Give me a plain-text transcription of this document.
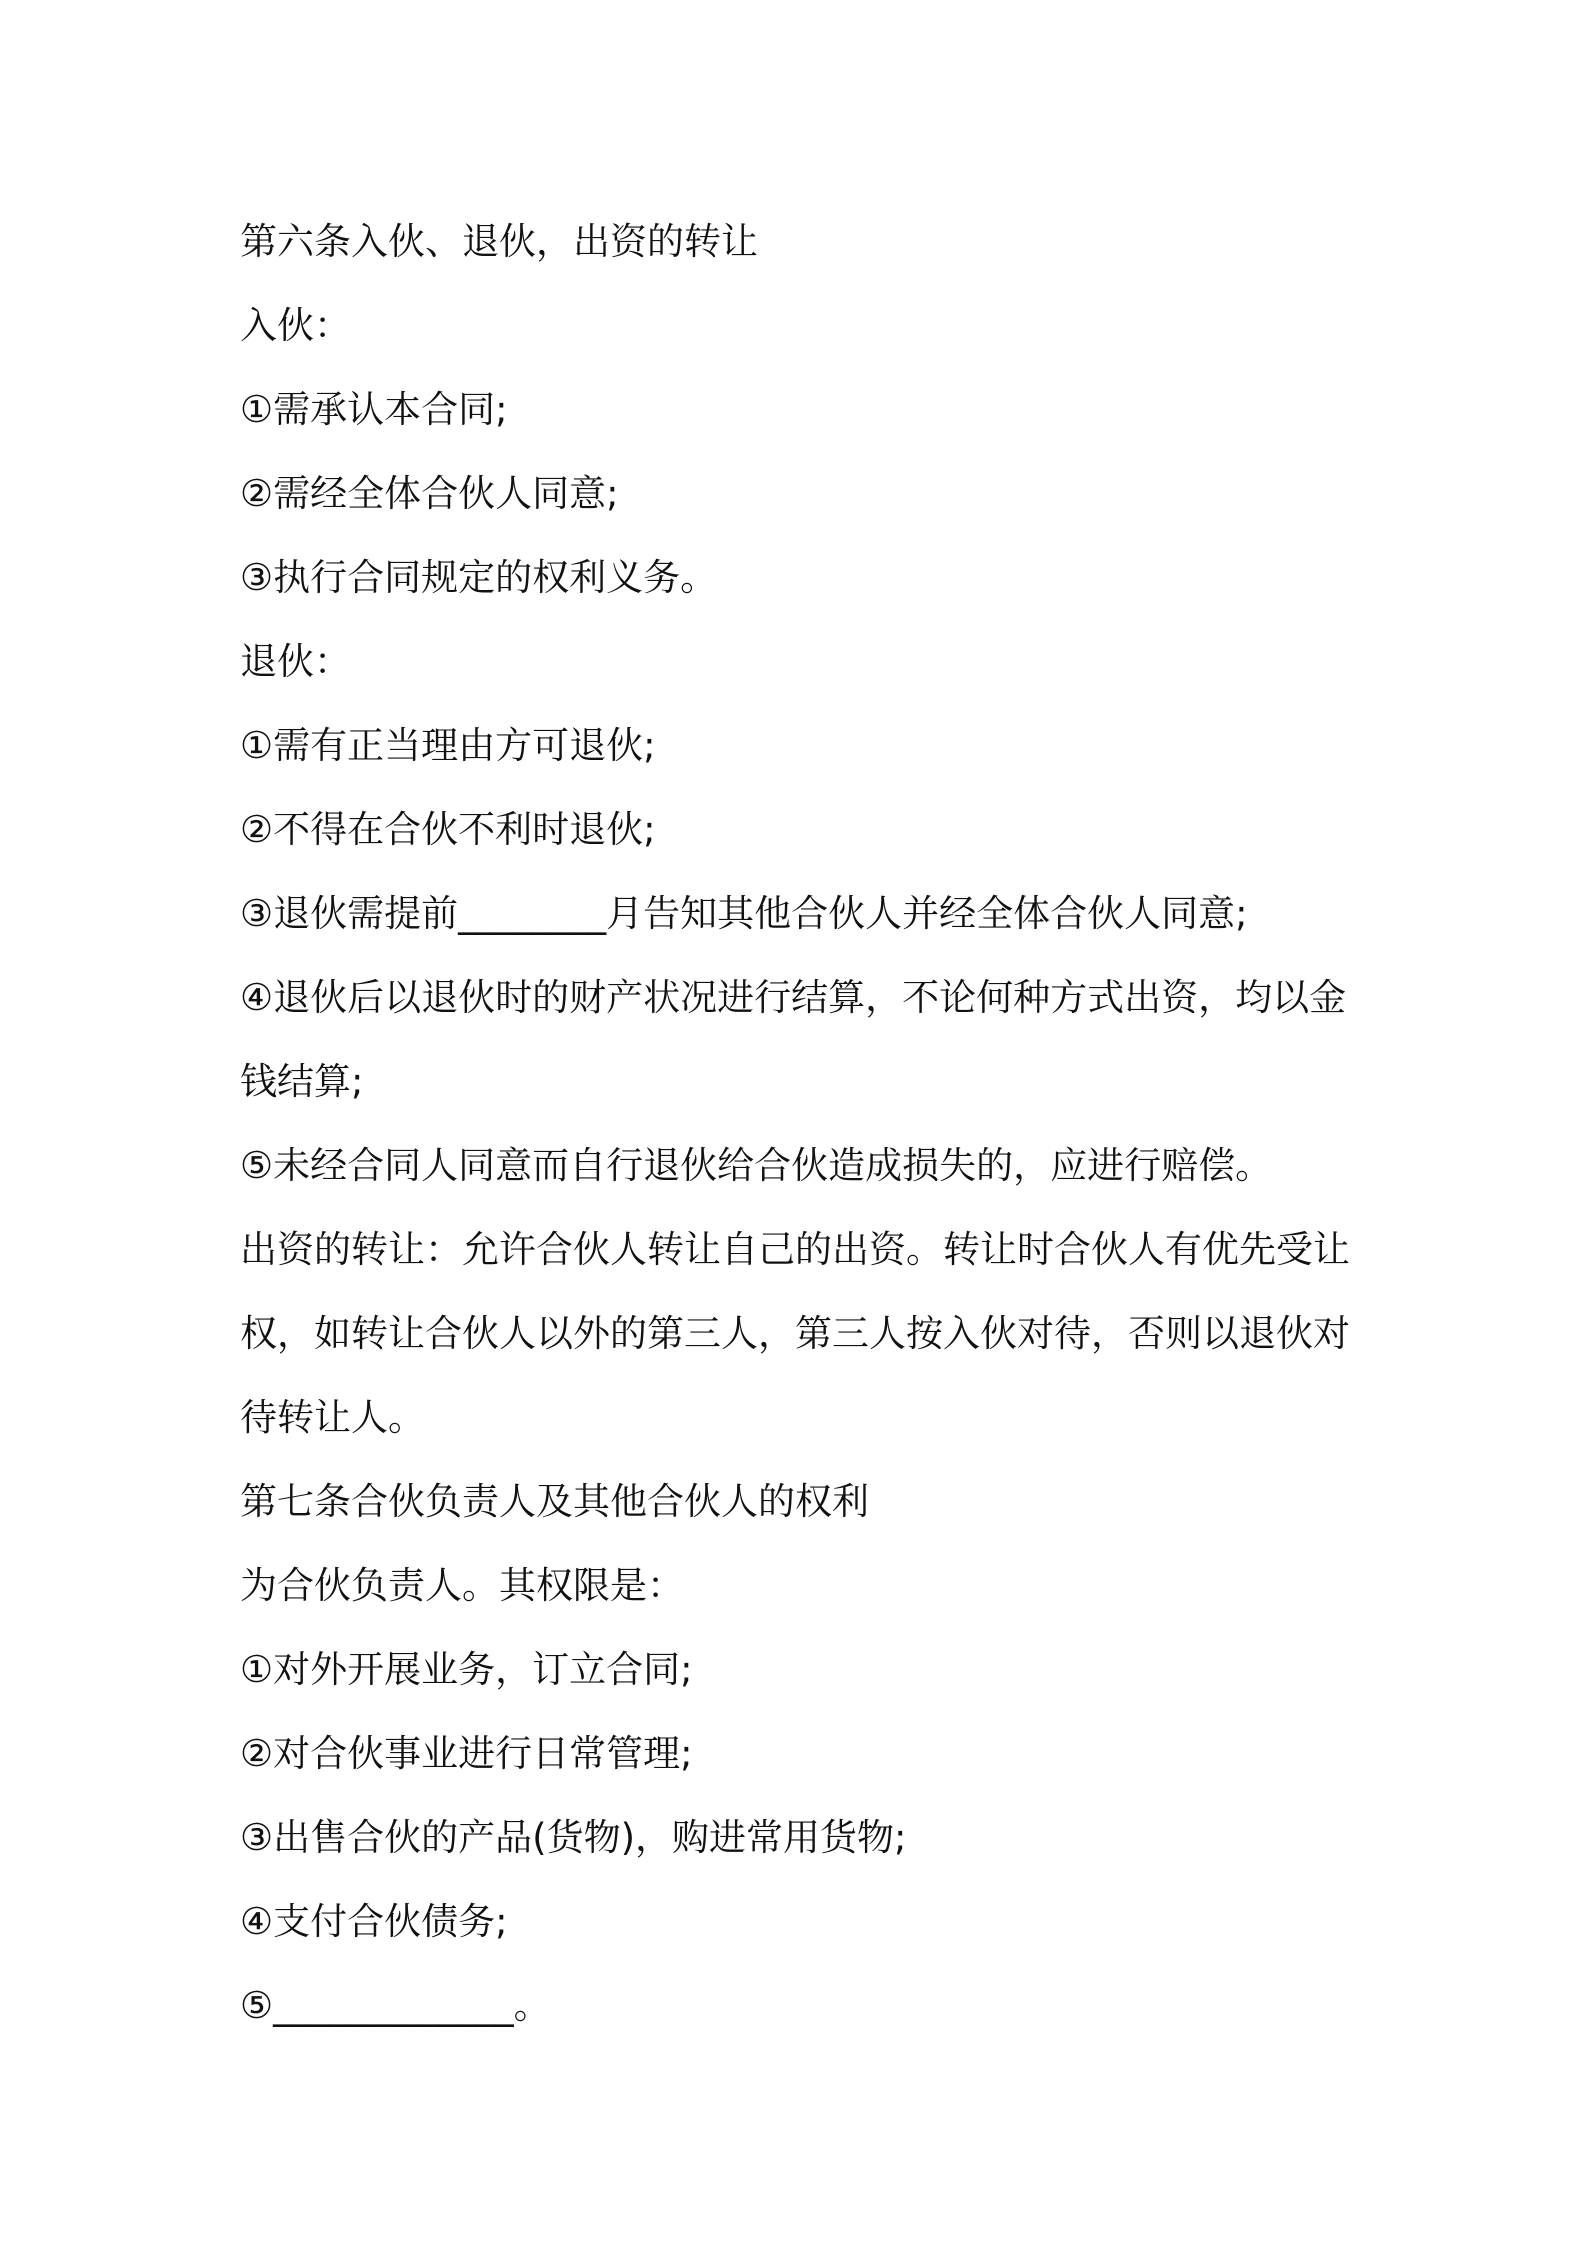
第六条入伙、退伙，出资的转让
入伙：
①需承认本合同;
②需经全体合伙人同意;
③执行合同规定的权利义务。
退伙：
①需有正当理由方可退伙;
②不得在合伙不利时退伙;
③退伙需提前________月告知其他合伙人并经全体合伙人同意;
④退伙后以退伙时的财产状况进行结算，不论何种方式出资，均以金
钱结算;
⑤未经合同人同意而自行退伙给合伙造成损失的，应进行赔偿。
出资的转让：允许合伙人转让自己的出资。转让时合伙人有优先受让
权，如转让合伙人以外的第三人，第三人按入伙对待，否则以退伙对
待转让人。
第七条合伙负责人及其他合伙人的权利
为合伙负责人。其权限是：
①对外开展业务，订立合同;
②对合伙事业进行日常管理;
③出售合伙的产品(货物)，购进常用货物;
④支付合伙债务;
⑤_____________。
